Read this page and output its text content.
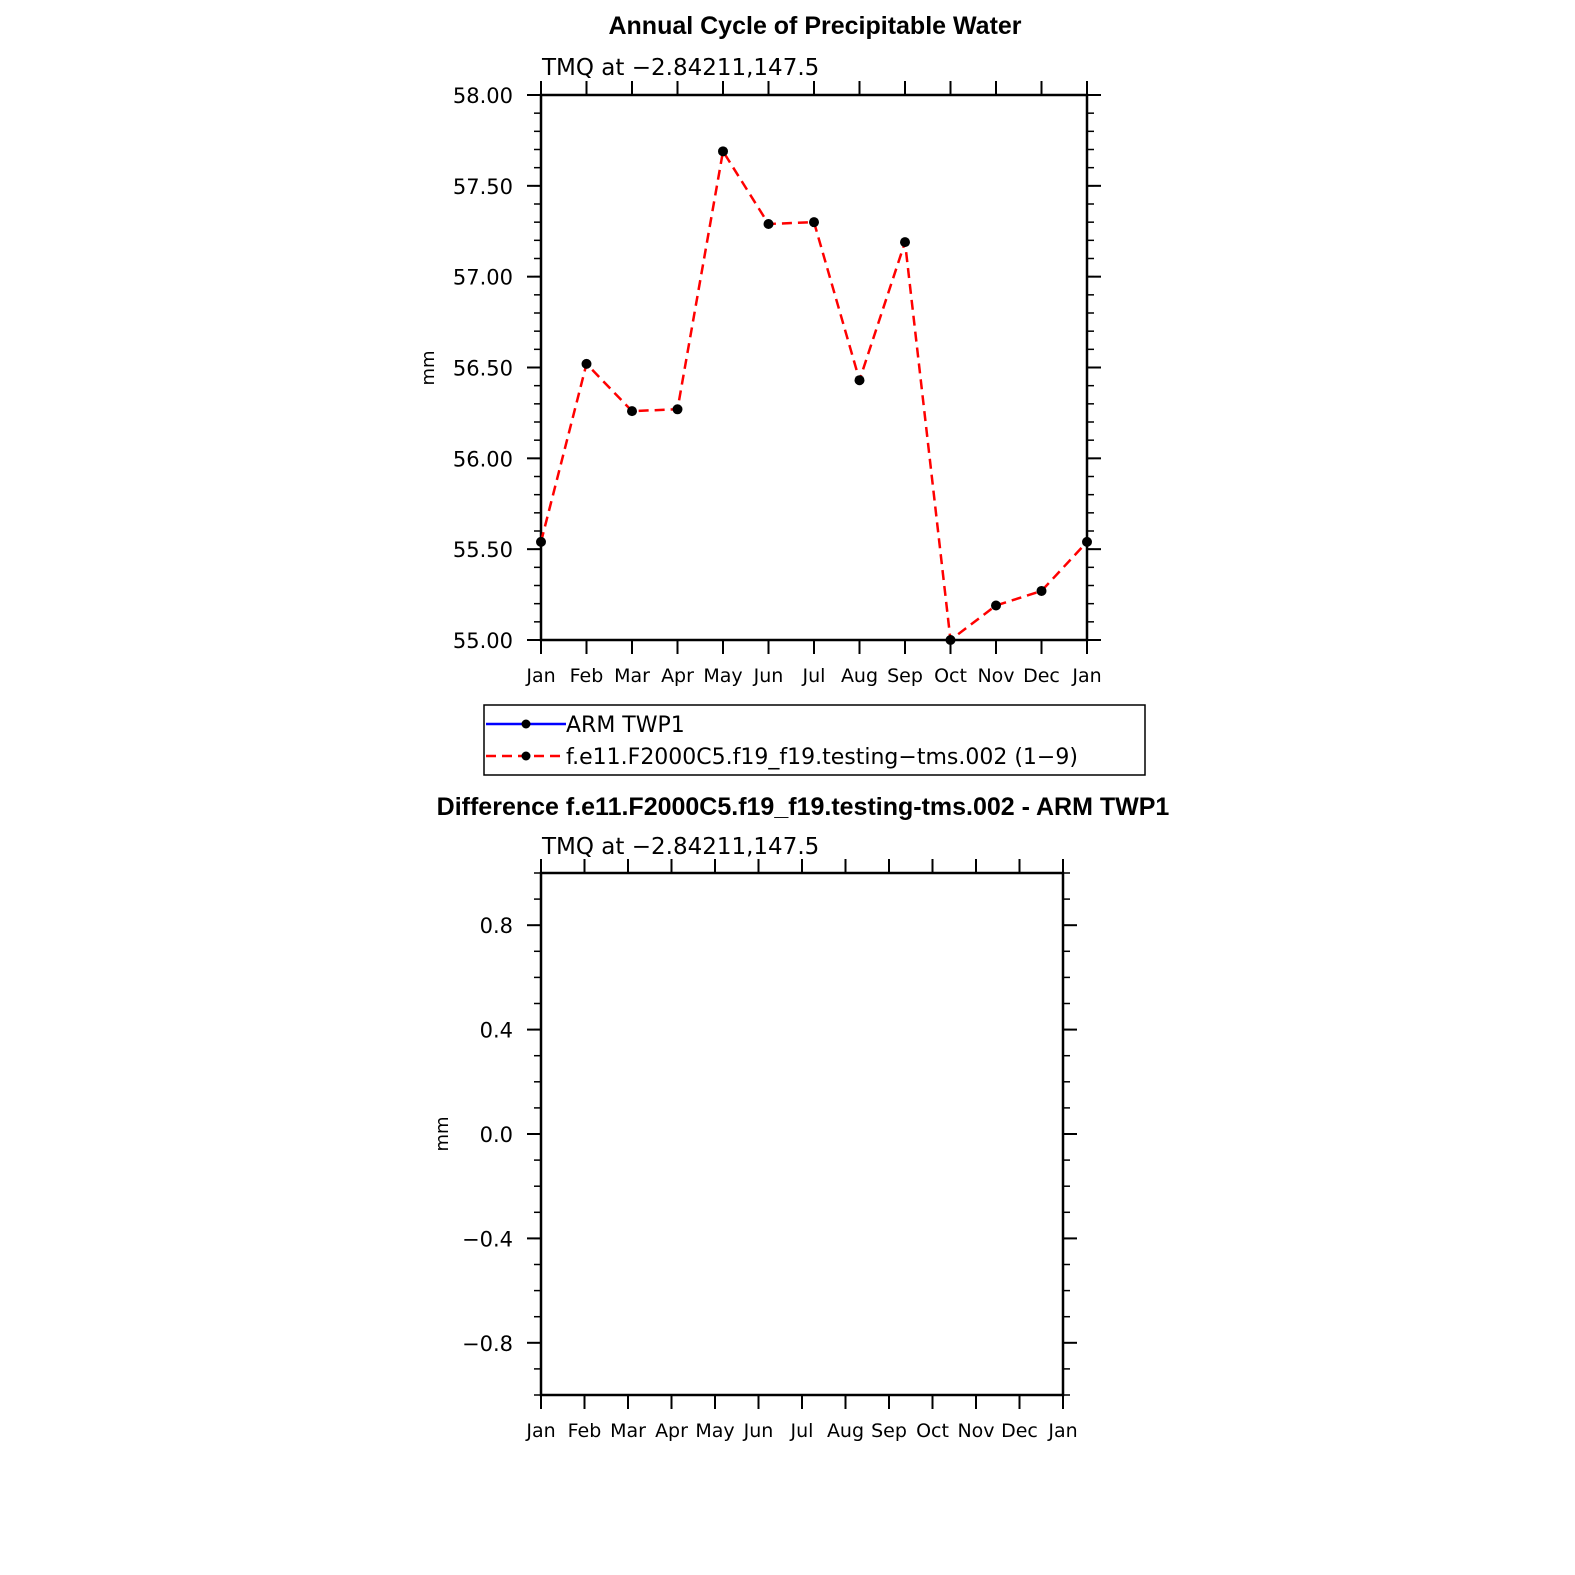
Annual Cycle of Precipitable Water
TMQ at −2.84211,147.5
mm
58.00
57.50
57.00
56.50
56.00
55.50
55.00
Jan Feb Mar Apr May Jun Jul Aug Sep Oct Nov Dec Jan
ARM TWP1
f.e11.F2000C5.f19_f19.testing−tms.002 (1−9)
Difference f.e11.F2000C5.f19_f19.testing-tms.002 - ARM TWP1
TMQ at −2.84211,147.5
mm
0.8
0.4
0.0
−0.4
−0.8
Jan Feb Mar Apr May Jun Jul Aug Sep Oct Nov Dec Jan
